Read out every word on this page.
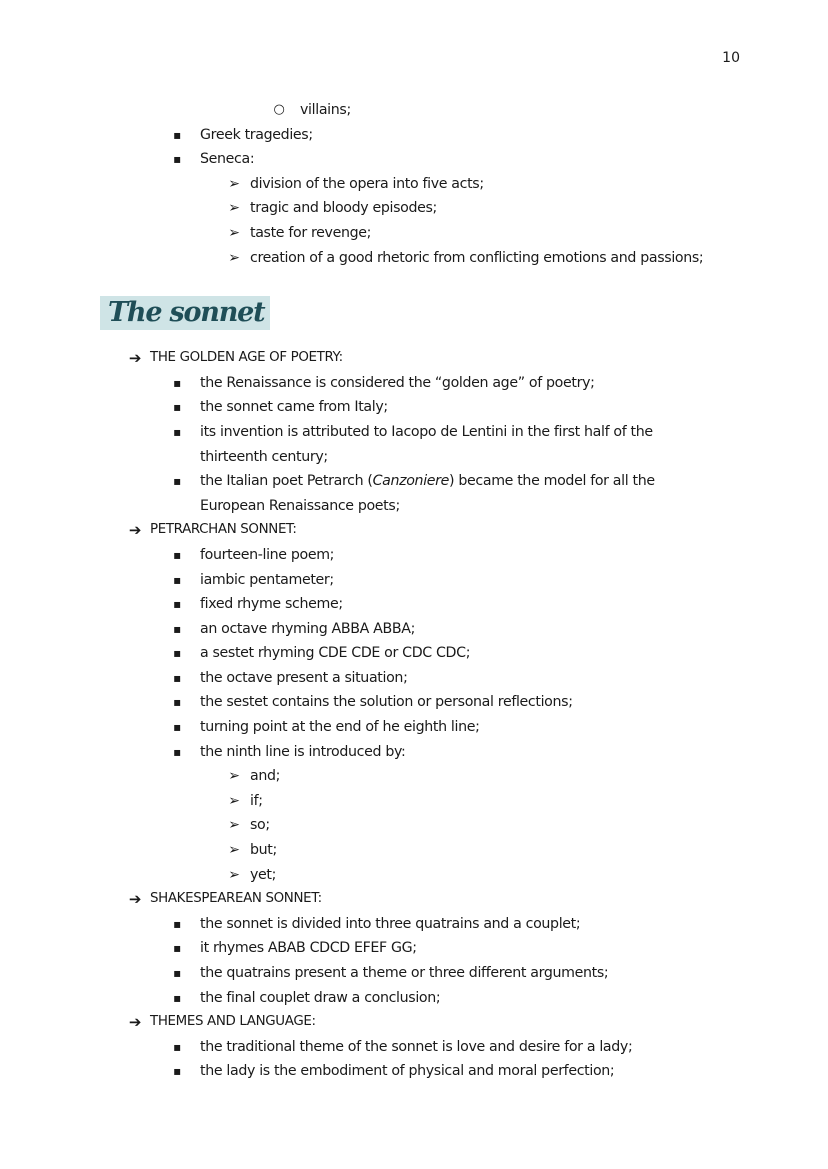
10
○ villains;
▪ Greek tragedies;
▪ Seneca:
➢ division of the opera into five acts;
➢ tragic and bloody episodes;
➢ taste for revenge;
➢ creation of a good rhetoric from conflicting emotions and passions;
The sonnet
➔ THE GOLDEN AGE OF POETRY:
▪ the Renaissance is considered the “golden age” of poetry;
▪ the sonnet came from Italy;
▪ its invention is attributed to Iacopo de Lentini in the first half of the
thirteenth century;
▪ the Italian poet Petrarch (Canzoniere) became the model for all the
European Renaissance poets;
➔ PETRARCHAN SONNET:
▪ fourteen-line poem;
▪ iambic pentameter;
▪ fixed rhyme scheme;
▪ an octave rhyming ABBA ABBA;
▪ a sestet rhyming CDE CDE or CDC CDC;
▪ the octave present a situation;
▪ the sestet contains the solution or personal reflections;
▪ turning point at the end of he eighth line;
▪ the ninth line is introduced by:
➢ and;
➢ if;
➢ so;
➢ but;
➢ yet;
➔ SHAKESPEAREAN SONNET:
▪ the sonnet is divided into three quatrains and a couplet;
▪ it rhymes ABAB CDCD EFEF GG;
▪ the quatrains present a theme or three different arguments;
▪ the final couplet draw a conclusion;
➔ THEMES AND LANGUAGE:
▪ the traditional theme of the sonnet is love and desire for a lady;
▪ the lady is the embodiment of physical and moral perfection;
